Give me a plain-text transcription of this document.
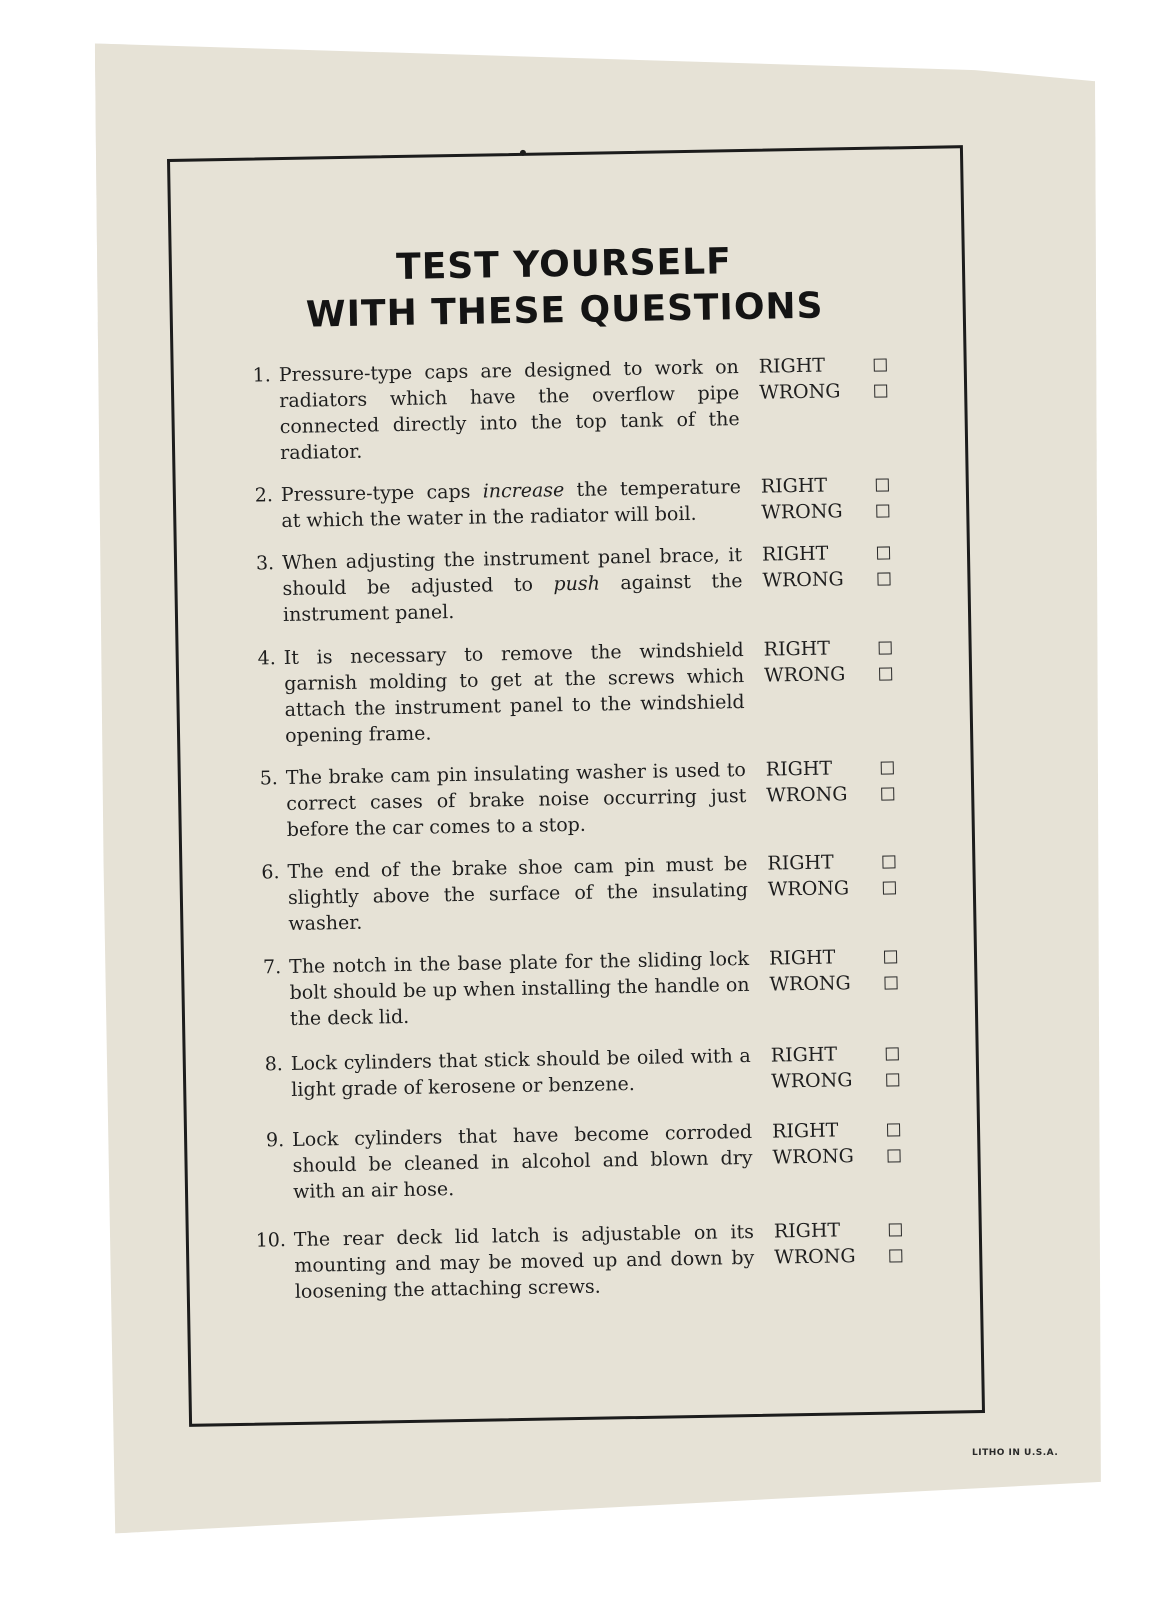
TEST YOURSELF
WITH THESE QUESTIONS
1. Pressure-type caps are designed to work on radiators which have the overflow pipe connected directly into the top tank of the radiator.
RIGHT
WRONG
2. Pressure-type caps increase the temperature at which the water in the radiator will boil.
RIGHT
WRONG
3. When adjusting the instrument panel brace, it should be adjusted to push against the instrument panel.
RIGHT
WRONG
4. It is necessary to remove the windshield garnish molding to get at the screws which attach the instrument panel to the windshield opening frame.
RIGHT
WRONG
5. The brake cam pin insulating washer is used to correct cases of brake noise occurring just before the car comes to a stop.
RIGHT
WRONG
6. The end of the brake shoe cam pin must be slightly above the surface of the insulating washer.
RIGHT
WRONG
7. The notch in the base plate for the sliding lock bolt should be up when installing the handle on the deck lid.
RIGHT
WRONG
8. Lock cylinders that stick should be oiled with a light grade of kerosene or benzene.
RIGHT
WRONG
9. Lock cylinders that have become corroded should be cleaned in alcohol and blown dry with an air hose.
RIGHT
WRONG
10. The rear deck lid latch is adjustable on its mounting and may be moved up and down by loosening the attaching screws.
RIGHT
WRONG
LITHO IN U.S.A.
